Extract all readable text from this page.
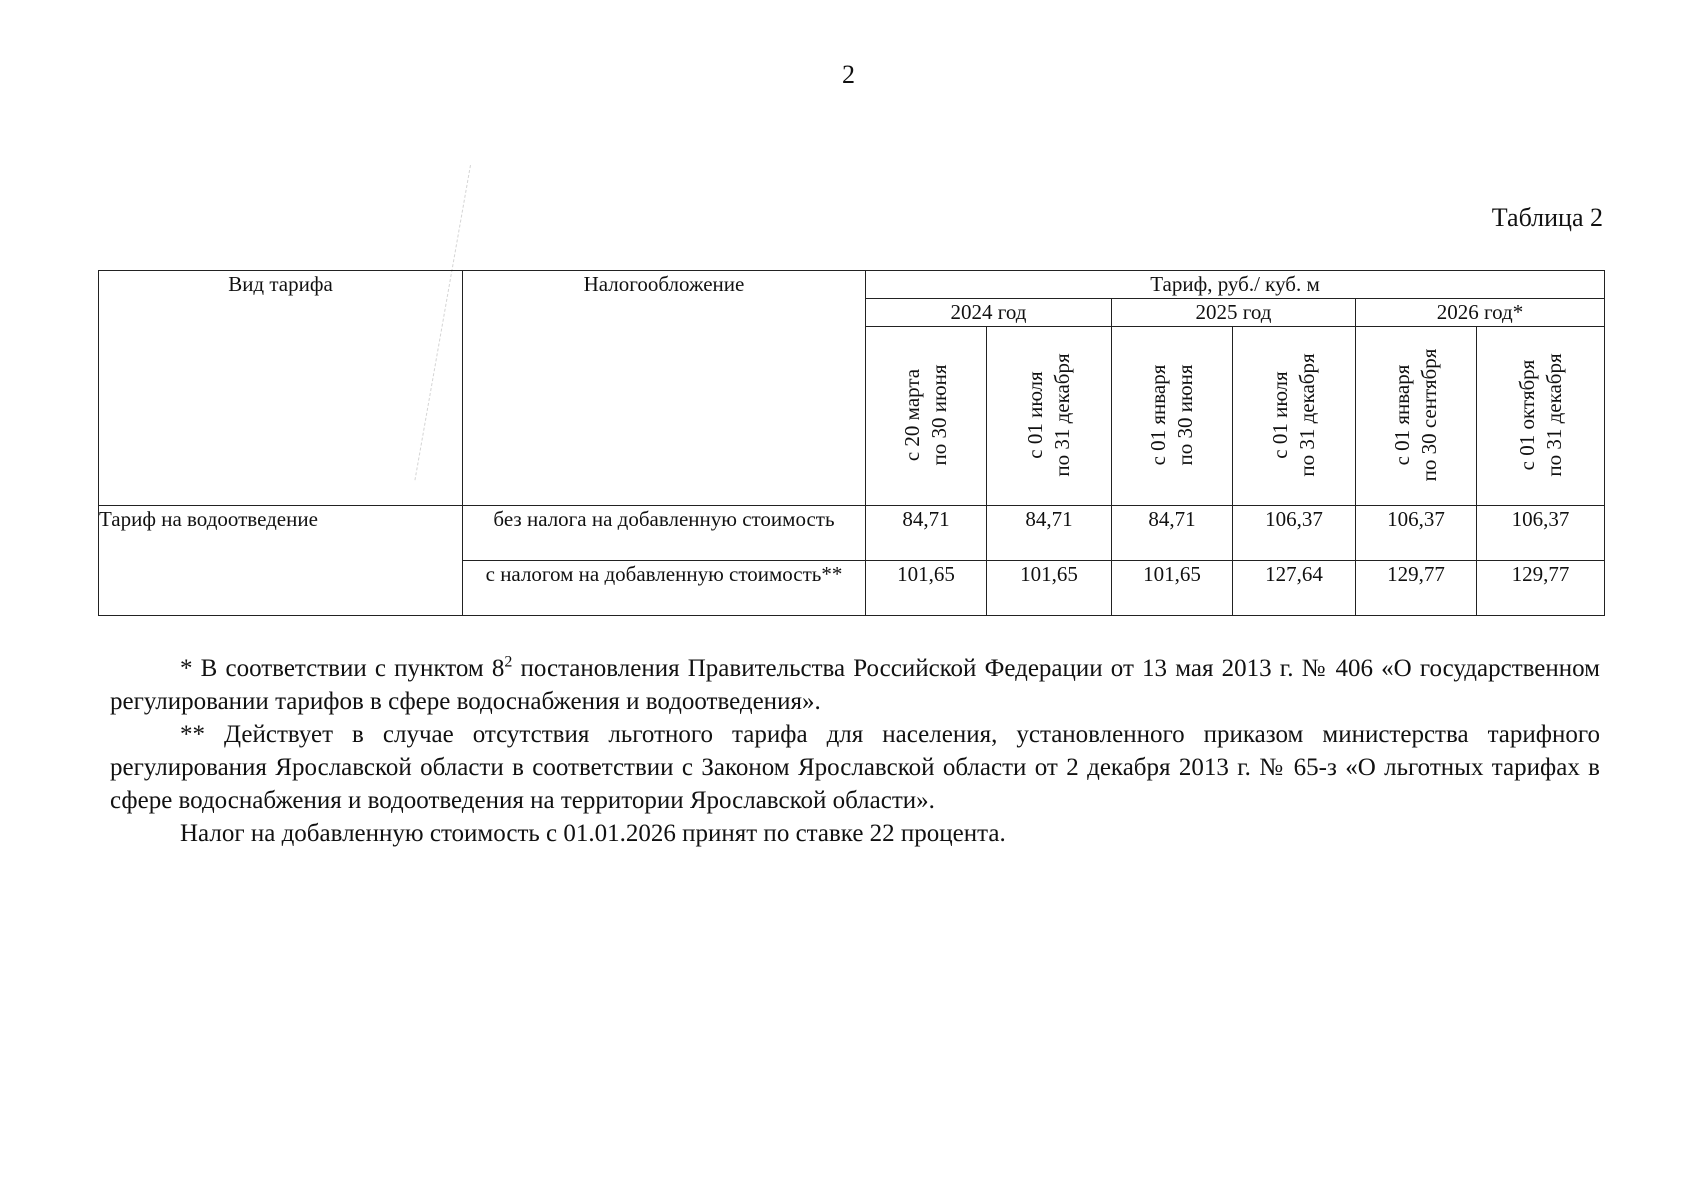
2
Таблица 2
Вид тарифа	Налогообложение	Тариф, руб./ куб. м					
		2024 год		2025 год		2026 год*	

		с 20 марта по 30 июня	с 01 июля по 31 декабря	с 01 января по 30 июня	с 01 июля по 31 декабря	с 01 января по 30 сентября	с 01 октября по 31 декабря

Тариф на водоотведение	без налога на добавленную стоимость	84,71	84,71	84,71	106,37	106,37	106,37
	с налогом на добавленную стоимость**	101,65	101,65	101,65	127,64	129,77	129,77

* В соответствии с пунктом $8^2$ постановления Правительства Российской Федерации от 13 мая 2013 г. № 406 «О государственном регулировании тарифов в сфере водоснабжения и водоотведения».

** Действует в случае отсутствия льготного тарифа для населения, установленного приказом министерства тарифного регулирования Ярославской области в соответствии с Законом Ярославской области от 2 декабря 2013 г. № 65-з «О льготных тарифах в сфере водоснабжения и водоотведения на территории Ярославской области».

Налог на добавленную стоимость с 01.01.2026 принят по ставке 22 процента.
